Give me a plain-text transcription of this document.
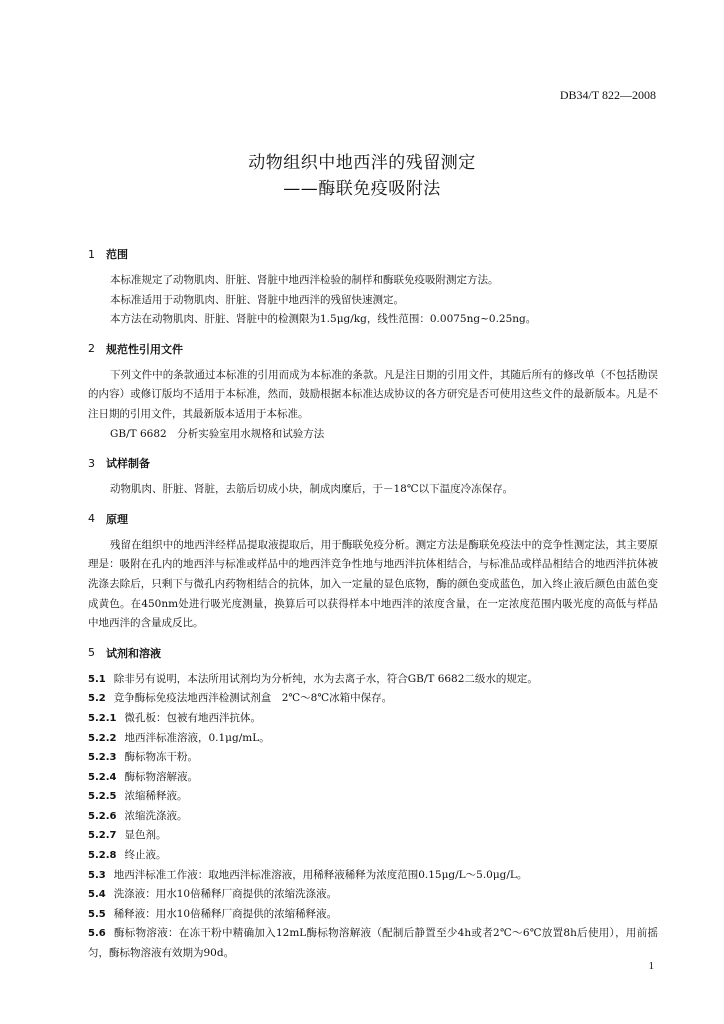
DB34/T 822—2008
动物组织中地西泮的残留测定
——酶联免疫吸附法
1	范围

本标准规定了动物肌肉、肝脏、肾脏中地西泮检验的制样和酶联免疫吸附测定方法。

本标准适用于动物肌肉、肝脏、肾脏中地西泮的残留快速测定。

本方法在动物肌肉、肝脏、肾脏中的检测限为1.5μg/kg，线性范围：0.0075ng~0.25ng。

2	规范性引用文件

下列文件中的条款通过本标准的引用而成为本标准的条款。凡是注日期的引用文件，其随后所有的修改单（不包括勘误的内容）或修订版均不适用于本标准，然而，鼓励根据本标准达成协议的各方研究是否可使用这些文件的最新版本。凡是不注日期的引用文件，其最新版本适用于本标准。

GB/T 6682　分析实验室用水规格和试验方法

3	试样制备

动物肌肉、肝脏、肾脏，去筋后切成小块，制成肉糜后，于－18℃以下温度冷冻保存。

4	原理

残留在组织中的地西泮经样品提取液提取后，用于酶联免疫分析。测定方法是酶联免疫法中的竞争性测定法，其主要原理是：吸附在孔内的地西泮与标准或样品中的地西泮竞争性地与地西泮抗体相结合，与标准品或样品相结合的地西泮抗体被洗涤去除后，只剩下与微孔内药物相结合的抗体，加入一定量的显色底物，酶的颜色变成蓝色，加入终止液后颜色由蓝色变成黄色。在450nm处进行吸光度测量，换算后可以获得样本中地西泮的浓度含量，在一定浓度范围内吸光度的高低与样品中地西泮的含量成反比。

5	试剂和溶液
5.1 除非另有说明，本法所用试剂均为分析纯，水为去离子水，符合GB/T 6682二级水的规定。
5.2 竞争酶标免疫法地西泮检测试剂盒　2℃～8℃冰箱中保存。
5.2.1 微孔板：包被有地西泮抗体。
5.2.2 地西泮标准溶液，0.1μg/mL。
5.2.3 酶标物冻干粉。
5.2.4 酶标物溶解液。
5.2.5 浓缩稀释液。
5.2.6 浓缩洗涤液。
5.2.7 显色剂。
5.2.8 终止液。
5.3 地西泮标准工作液：取地西泮标准溶液，用稀释液稀释为浓度范围0.15μg/L～5.0μg/L。
5.4 洗涤液：用水10倍稀释厂商提供的浓缩洗涤液。
5.5 稀释液：用水10倍稀释厂商提供的浓缩稀释液。

5.6 酶标物溶液：在冻干粉中精确加入12mL酶标物溶解液（配制后静置至少4h或者2℃～6℃放置8h后使用），用前摇匀，酶标物溶液有效期为90d。

1
